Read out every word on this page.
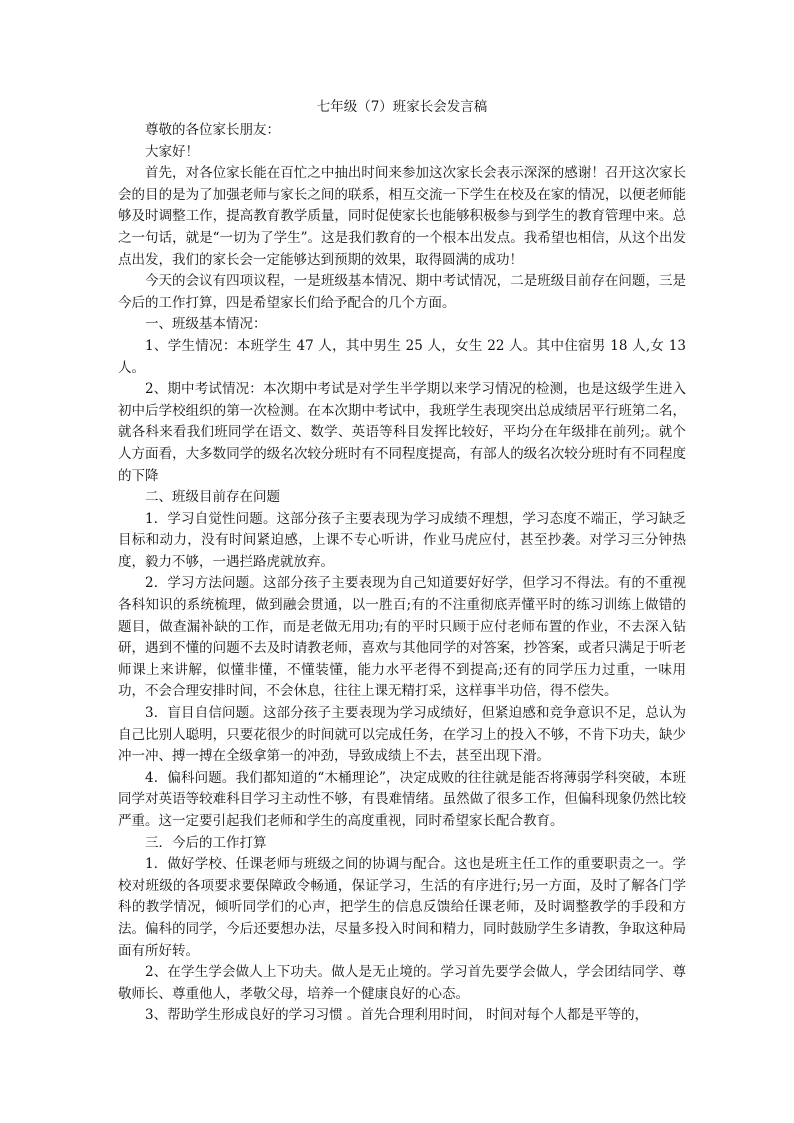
七年级（7）班家长会发言稿

尊敬的各位家长朋友：

大家好！

首先，对各位家长能在百忙之中抽出时间来参加这次家长会表示深深的感谢！召开这次家长会的目的是为了加强老师与家长之间的联系，相互交流一下学生在校及在家的情况，以便老师能够及时调整工作，提高教育教学质量，同时促使家长也能够积极参与到学生的教育管理中来。总之一句话，就是“一切为了学生”。这是我们教育的一个根本出发点。我希望也相信，从这个出发点出发，我们的家长会一定能够达到预期的效果，取得圆满的成功！

今天的会议有四项议程，一是班级基本情况、期中考试情况，二是班级目前存在问题，三是今后的工作打算，四是希望家长们给予配合的几个方面。

一、班级基本情况：

1、学生情况：本班学生 47 人，其中男生 25 人，女生 22 人。其中住宿男 18 人,女 13 人。

2、期中考试情况：本次期中考试是对学生半学期以来学习情况的检测，也是这级学生进入初中后学校组织的第一次检测。在本次期中考试中，我班学生表现突出总成绩居平行班第二名，就各科来看我们班同学在语文、数学、英语等科目发挥比较好，平均分在年级排在前列;。就个人方面看，大多数同学的级名次较分班时有不同程度提高，有部人的级名次较分班时有不同程度的下降

二、班级目前存在问题

1．学习自觉性问题。这部分孩子主要表现为学习成绩不理想，学习态度不端正，学习缺乏目标和动力，没有时间紧迫感，上课不专心听讲，作业马虎应付，甚至抄袭。对学习三分钟热度，毅力不够，一遇拦路虎就放弃。

2．学习方法问题。这部分孩子主要表现为自己知道要好好学，但学习不得法。有的不重视各科知识的系统梳理，做到融会贯通，以一胜百;有的不注重彻底弄懂平时的练习训练上做错的题目，做查漏补缺的工作，而是老做无用功;有的平时只顾于应付老师布置的作业，不去深入钻研，遇到不懂的问题不去及时请教老师，喜欢与其他同学的对答案，抄答案，或者只满足于听老师课上来讲解，似懂非懂，不懂装懂，能力水平老得不到提高;还有的同学压力过重，一味用功，不会合理安排时间，不会休息，往往上课无精打采，这样事半功倍，得不偿失。

3．盲目自信问题。这部分孩子主要表现为学习成绩好，但紧迫感和竞争意识不足，总认为自己比别人聪明，只要花很少的时间就可以完成任务，在学习上的投入不够，不肯下功夫，缺少冲一冲、搏一搏在全级拿第一的冲劲，导致成绩上不去，甚至出现下滑。

4．偏科问题。我们都知道的“木桶理论”，决定成败的往往就是能否将薄弱学科突破，本班同学对英语等较难科目学习主动性不够，有畏难情绪。虽然做了很多工作，但偏科现象仍然比较严重。这一定要引起我们老师和学生的高度重视，同时希望家长配合教育。

三．今后的工作打算

1．做好学校、任课老师与班级之间的协调与配合。这也是班主任工作的重要职责之一。学校对班级的各项要求要保障政令畅通，保证学习，生活的有序进行;另一方面，及时了解各门学科的教学情况，倾听同学们的心声，把学生的信息反馈给任课老师，及时调整教学的手段和方法。偏科的同学，今后还要想办法，尽量多投入时间和精力，同时鼓励学生多请教，争取这种局面有所好转。

2、在学生学会做人上下功夫。做人是无止境的。学习首先要学会做人，学会团结同学、尊敬师长、尊重他人，孝敬父母，培养一个健康良好的心态。

3、帮助学生形成良好的学习习惯 。首先合理利用时间， 时间对每个人都是平等的，
